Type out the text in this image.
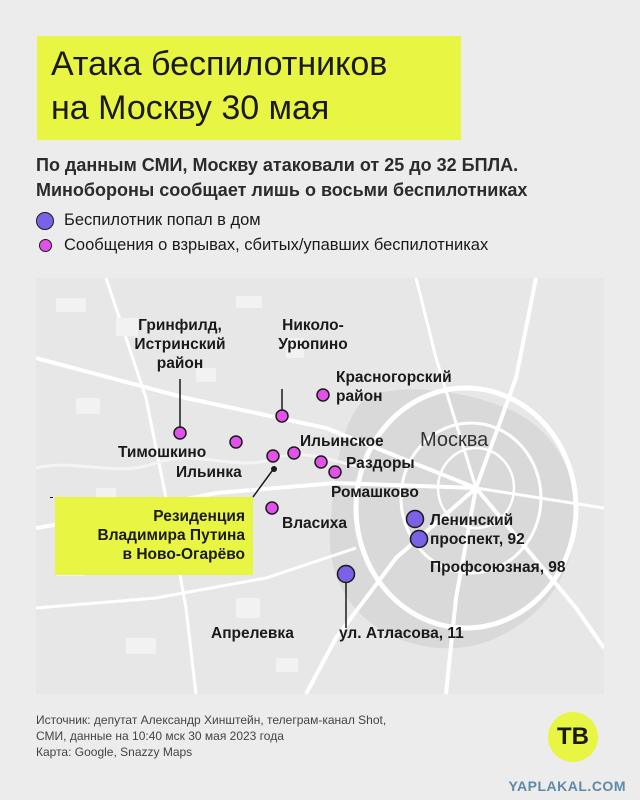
Атака беспилотников
на Москву 30 мая
По данным СМИ, Москву атаковали от 25 до 32 БПЛА.
Минобороны сообщает лишь о восьми беспилотниках
Беспилотник попал в дом
Сообщения о взрывах, сбитых/упавших беспилотниках
Москва
Гринфилд,
Истринский
район
Николо-
Урюпино
Красногорский
район
Тимошкино
Ильинка
Ильинское
Раздоры
Ромашково
Власиха	Ленинский
проспект, 92
Профсоюзная, 98
Апрелевка	ул. Атласова, 11
Резиденция
Владимира Путина
в Ново-Огарёво
Источник: депутат Александр Хинштейн, телеграм-канал Shot,
СМИ, данные на 10:40 мск 30 мая 2023 года
Карта: Google, Snazzy Maps
ТВ
YAPLAKAL.COM
